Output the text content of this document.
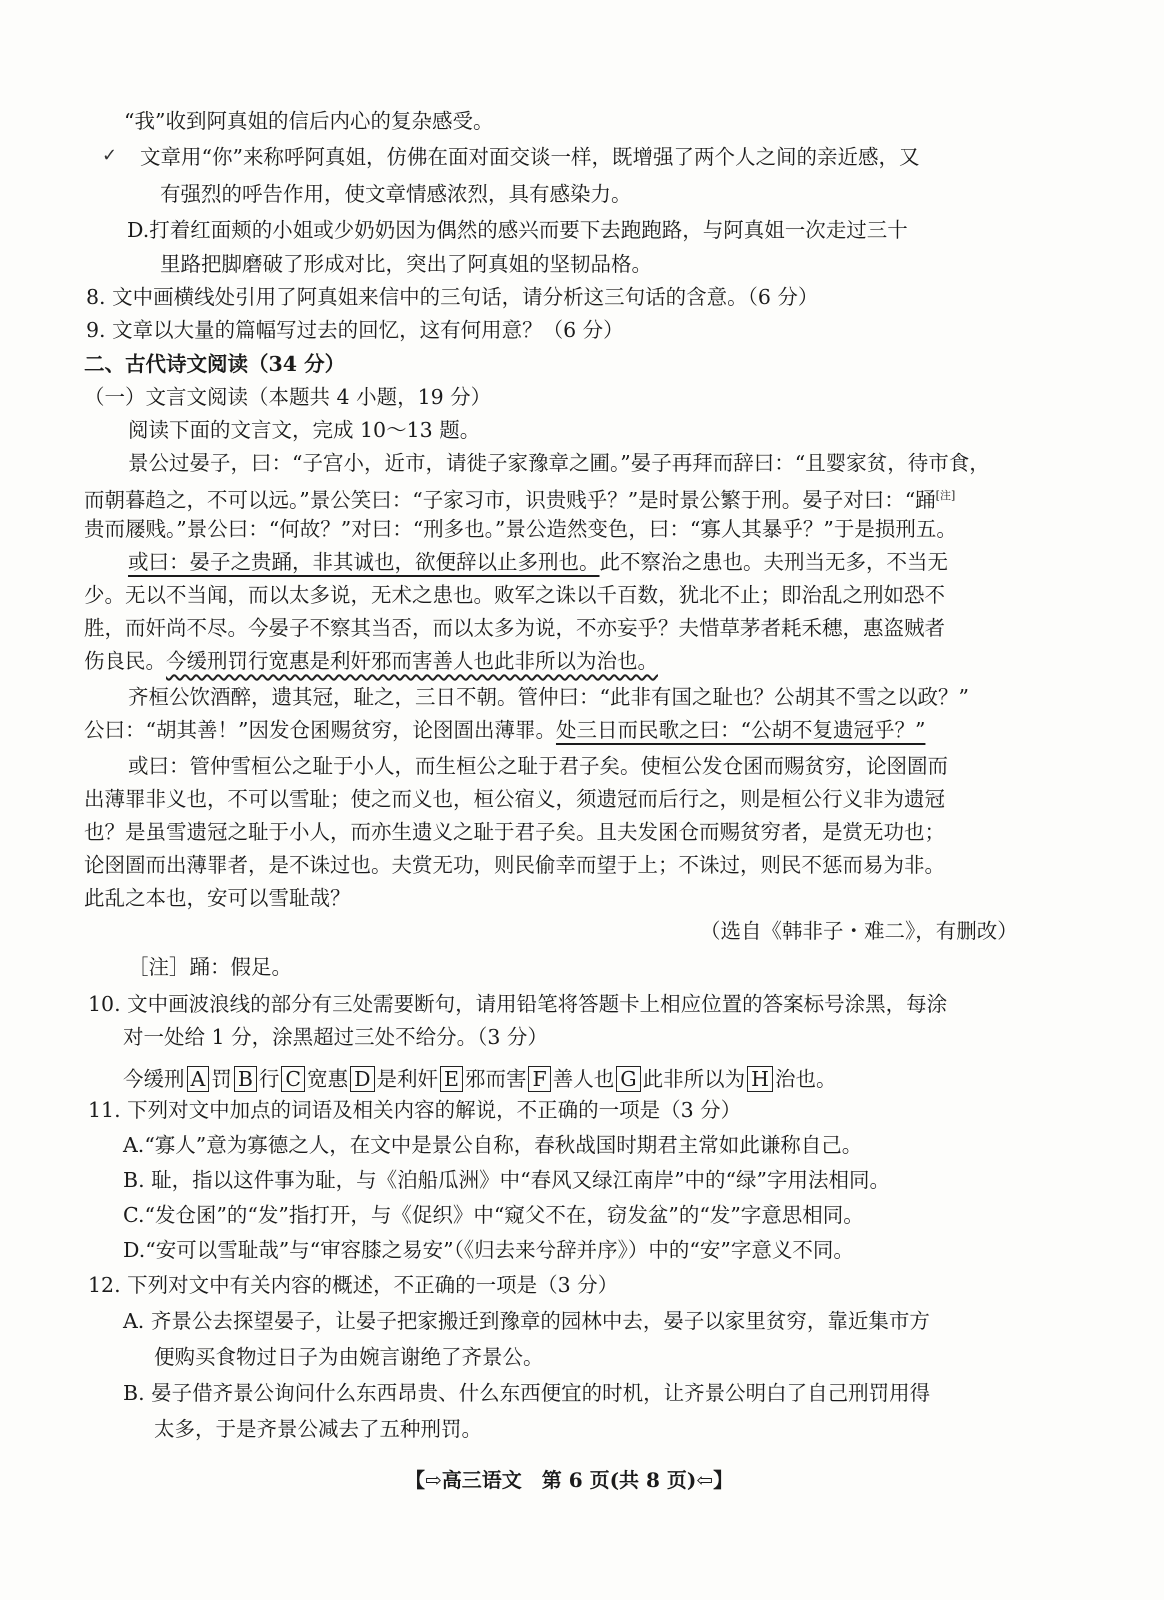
“我”收到阿真姐的信后内心的复杂感受。
✓ 文章用“你”来称呼阿真姐，仿佛在面对面交谈一样，既增强了两个人之间的亲近感，又
有强烈的呼告作用，使文章情感浓烈，具有感染力。
D.打着红面颊的小姐或少奶奶因为偶然的感兴而要下去跑跑路，与阿真姐一次走过三十
里路把脚磨破了形成对比，突出了阿真姐的坚韧品格。
8. 文中画横线处引用了阿真姐来信中的三句话，请分析这三句话的含意。（6 分）
9. 文章以大量的篇幅写过去的回忆，这有何用意？（6 分）
二、古代诗文阅读（34 分）
（一）文言文阅读（本题共 4 小题，19 分）
阅读下面的文言文，完成 10～13 题。
景公过晏子，曰：“子宫小，近市，请徙子家豫章之圃。”晏子再拜而辞曰：“且婴家贫，待市食，
而朝暮趋之，不可以远。”景公笑曰：“子家习市，识贵贱乎？”是时景公繁于刑。晏子对曰：“踊[注]
贵而屦贱。”景公曰：“何故？”对曰：“刑多也。”景公造然变色，曰：“寡人其暴乎？”于是损刑五。
或曰：晏子之贵踊，非其诚也，欲便辞以止多刑也。此不察治之患也。夫刑当无多，不当无
少。无以不当闻，而以太多说，无术之患也。败军之诛以千百数，犹北不止；即治乱之刑如恐不
胜，而奸尚不尽。今晏子不察其当否，而以太多为说，不亦妄乎？夫惜草茅者耗禾穗，惠盗贼者
伤良民。今缓刑罚行宽惠是利奸邪而害善人也此非所以为治也。
齐桓公饮酒醉，遗其冠，耻之，三日不朝。管仲曰：“此非有国之耻也？公胡其不雪之以政？”
公曰：“胡其善！”因发仓囷赐贫穷，论囹圄出薄罪。处三日而民歌之曰：“公胡不复遗冠乎？”
或曰：管仲雪桓公之耻于小人，而生桓公之耻于君子矣。使桓公发仓囷而赐贫穷，论囹圄而
出薄罪非义也，不可以雪耻；使之而义也，桓公宿义，须遗冠而后行之，则是桓公行义非为遗冠
也？是虽雪遗冠之耻于小人，而亦生遗义之耻于君子矣。且夫发囷仓而赐贫穷者，是赏无功也；
论囹圄而出薄罪者，是不诛过也。夫赏无功，则民偷幸而望于上；不诛过，则民不惩而易为非。
此乱之本也，安可以雪耻哉？
（选自《韩非子・难二》，有删改）
［注］踊：假足。
10. 文中画波浪线的部分有三处需要断句，请用铅笔将答题卡上相应位置的答案标号涂黑，每涂
对一处给 1 分，涂黑超过三处不给分。（3 分）
今缓刑 A 罚 B 行 C 宽惠 D 是利奸 E 邪而害 F 善人也 G 此非所以为 H 治也。
11. 下列对文中加点的词语及相关内容的解说，不正确的一项是（3 分）
A.“寡人”意为寡德之人，在文中是景公自称，春秋战国时期君主常如此谦称自己。
B. 耻，指以这件事为耻，与《泊船瓜洲》中“春风又绿江南岸”中的“绿”字用法相同。
C.“发仓囷”的“发”指打开，与《促织》中“窥父不在，窃发盆”的“发”字意思相同。
D.“安可以雪耻哉”与“审容膝之易安”（《归去来兮辞并序》）中的“安”字意义不同。
12. 下列对文中有关内容的概述，不正确的一项是（3 分）
A. 齐景公去探望晏子，让晏子把家搬迁到豫章的园林中去，晏子以家里贫穷，靠近集市方
便购买食物过日子为由婉言谢绝了齐景公。
B. 晏子借齐景公询问什么东西昂贵、什么东西便宜的时机，让齐景公明白了自己刑罚用得
太多，于是齐景公减去了五种刑罚。
【⇨高三语文　第 6 页(共 8 页)⇦】
